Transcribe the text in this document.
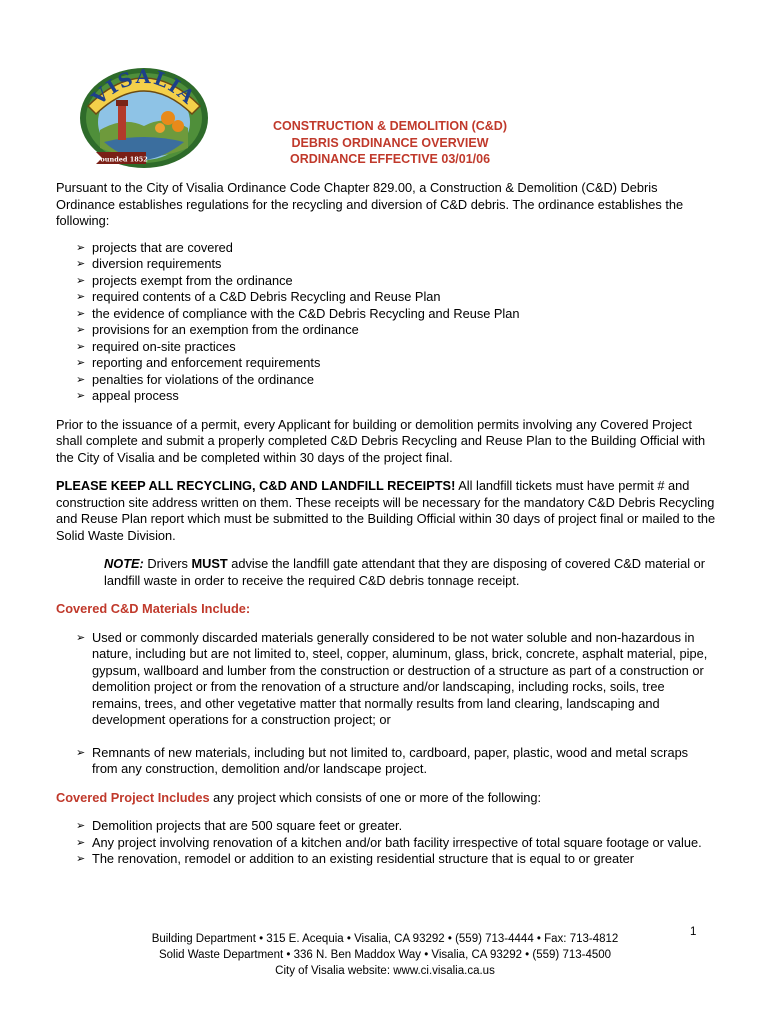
VISALIA
Founded 1852
CONSTRUCTION & DEMOLITION (C&D)
DEBRIS ORDINANCE OVERVIEW
ORDINANCE EFFECTIVE 03/01/06

Pursuant to the City of Visalia Ordinance Code Chapter 829.00, a Construction & Demolition (C&D) Debris Ordinance establishes regulations for the recycling and diversion of C&D debris. The ordinance establishes the following:

➢ projects that are covered
➢ diversion requirements
➢ projects exempt from the ordinance
➢ required contents of a C&D Debris Recycling and Reuse Plan
➢ the evidence of compliance with the C&D Debris Recycling and Reuse Plan
➢ provisions for an exemption from the ordinance
➢ required on-site practices
➢ reporting and enforcement requirements
➢ penalties for violations of the ordinance
➢ appeal process

Prior to the issuance of a permit, every Applicant for building or demolition permits involving any Covered Project shall complete and submit a properly completed C&D Debris Recycling and Reuse Plan to the Building Official with the City of Visalia and be completed within 30 days of the project final.

PLEASE KEEP ALL RECYCLING, C&D AND LANDFILL RECEIPTS! All landfill tickets must have permit # and construction site address written on them. These receipts will be necessary for the mandatory C&D Debris Recycling and Reuse Plan report which must be submitted to the Building Official within 30 days of project final or mailed to the Solid Waste Division.

NOTE: Drivers MUST advise the landfill gate attendant that they are disposing of covered C&D material or landfill waste in order to receive the required C&D debris tonnage receipt.

Covered C&D Materials Include:
➢ Used or commonly discarded materials generally considered to be not water soluble and non-hazardous in nature, including but are not limited to, steel, copper, aluminum, glass, brick, concrete, asphalt material, pipe, gypsum, wallboard and lumber from the construction or destruction of a structure as part of a construction or demolition project or from the renovation of a structure and/or landscaping, including rocks, soils, tree remains, trees, and other vegetative matter that normally results from land clearing, landscaping and development operations for a construction project; or
➢ Remnants of new materials, including but not limited to, cardboard, paper, plastic, wood and metal scraps from any construction, demolition and/or landscape project.

Covered Project Includes any project which consists of one or more of the following:

➢ Demolition projects that are 500 square feet or greater.
➢ Any project involving renovation of a kitchen and/or bath facility irrespective of total square footage or value.
➢ The renovation, remodel or addition to an existing residential structure that is equal to or greater
1
Building Department • 315 E. Acequia • Visalia, CA 93292 • (559) 713-4444 • Fax: 713-4812
Solid Waste Department • 336 N. Ben Maddox Way • Visalia, CA 93292 • (559) 713-4500
City of Visalia website: www.ci.visalia.ca.us
